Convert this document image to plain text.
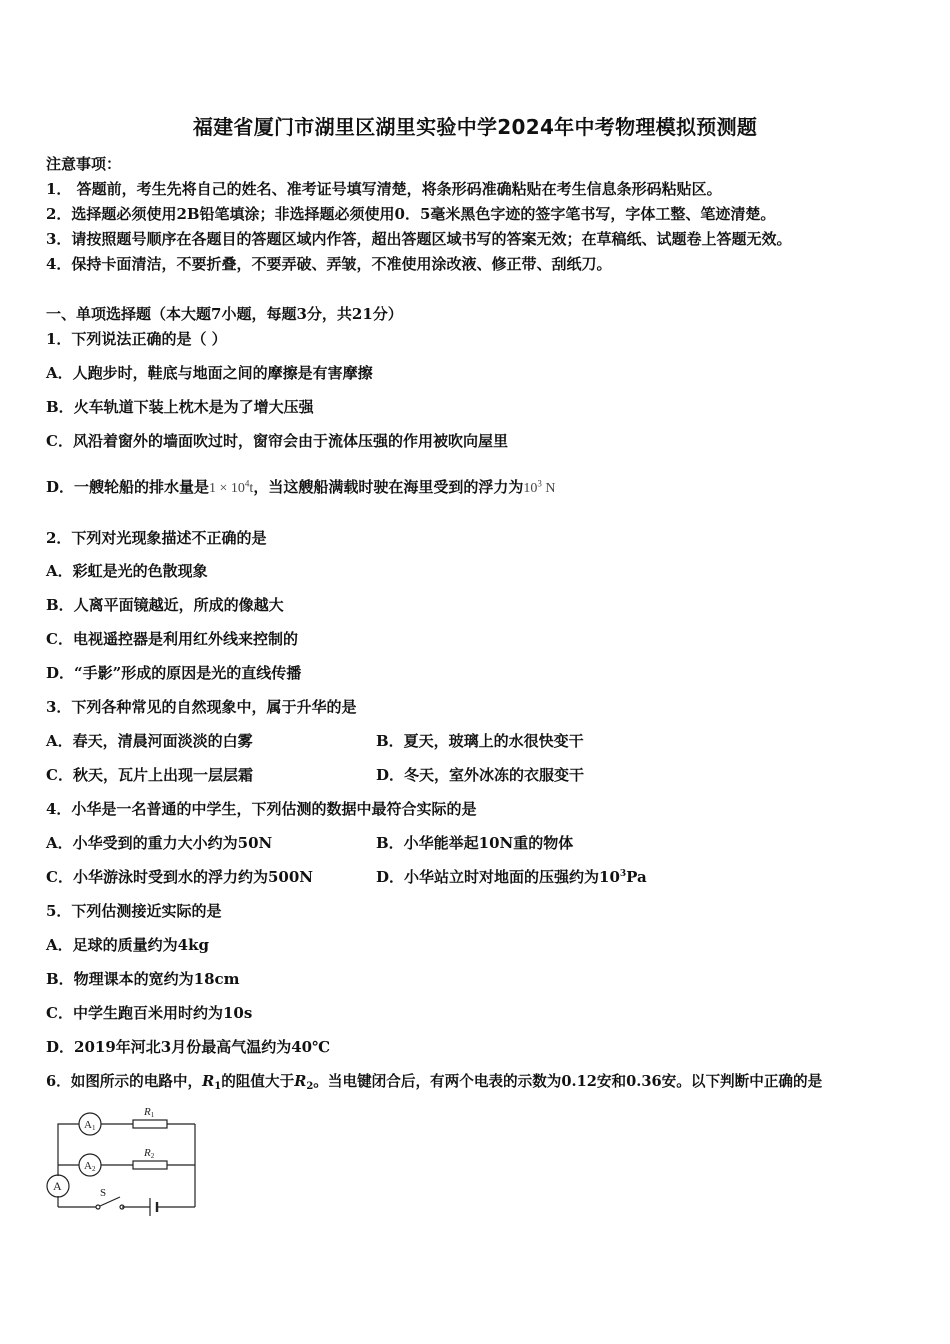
福建省厦门市湖里区湖里实验中学2024年中考物理模拟预测题
注意事项：
1． 答题前，考生先将自己的姓名、准考证号填写清楚，将条形码准确粘贴在考生信息条形码粘贴区。
2．选择题必须使用2B铅笔填涂；非选择题必须使用0．5毫米黑色字迹的签字笔书写，字体工整、笔迹清楚。
3．请按照题号顺序在各题目的答题区域内作答，超出答题区域书写的答案无效；在草稿纸、试题卷上答题无效。
4．保持卡面清洁，不要折叠，不要弄破、弄皱，不准使用涂改液、修正带、刮纸刀。
一、单项选择题（本大题7小题，每题3分，共21分）
1．下列说法正确的是（ ）
A．人跑步时，鞋底与地面之间的摩擦是有害摩擦
B．火车轨道下装上枕木是为了增大压强
C．风沿着窗外的墙面吹过时，窗帘会由于流体压强的作用被吹向屋里
D．一艘轮船的排水量是$1 \times 10^4t$，当这艘船满载时驶在海里受到的浮力为$10^3$ N
2．下列对光现象描述不正确的是
A．彩虹是光的色散现象
B．人离平面镜越近，所成的像越大
C．电视遥控器是利用红外线来控制的
D．“手影”形成的原因是光的直线传播
3．下列各种常见的自然现象中，属于升华的是
A．春天，清晨河面淡淡的白雾	B．夏天，玻璃上的水很快变干
C．秋天，瓦片上出现一层层霜	D．冬天，室外冰冻的衣服变干
4．小华是一名普通的中学生，下列估测的数据中最符合实际的是
A．小华受到的重力大小约为50N	B．小华能举起10N重的物体
C．小华游泳时受到水的浮力约为500N	D．小华站立时对地面的压强约为$10^3Pa$
5．下列估测接近实际的是
A．足球的质量约为4kg
B．物理课本的宽约为18cm
C．中学生跑百米用时约为10s
D．2019年河北3月份最高气温约为40℃
6．如图所示的电路中，$R_1$的阻值大于$R_2$。当电键闭合后，有两个电表的示数为0.12安和0.36安。以下判断中正确的是
A1
A2
A
R1
R2
S
